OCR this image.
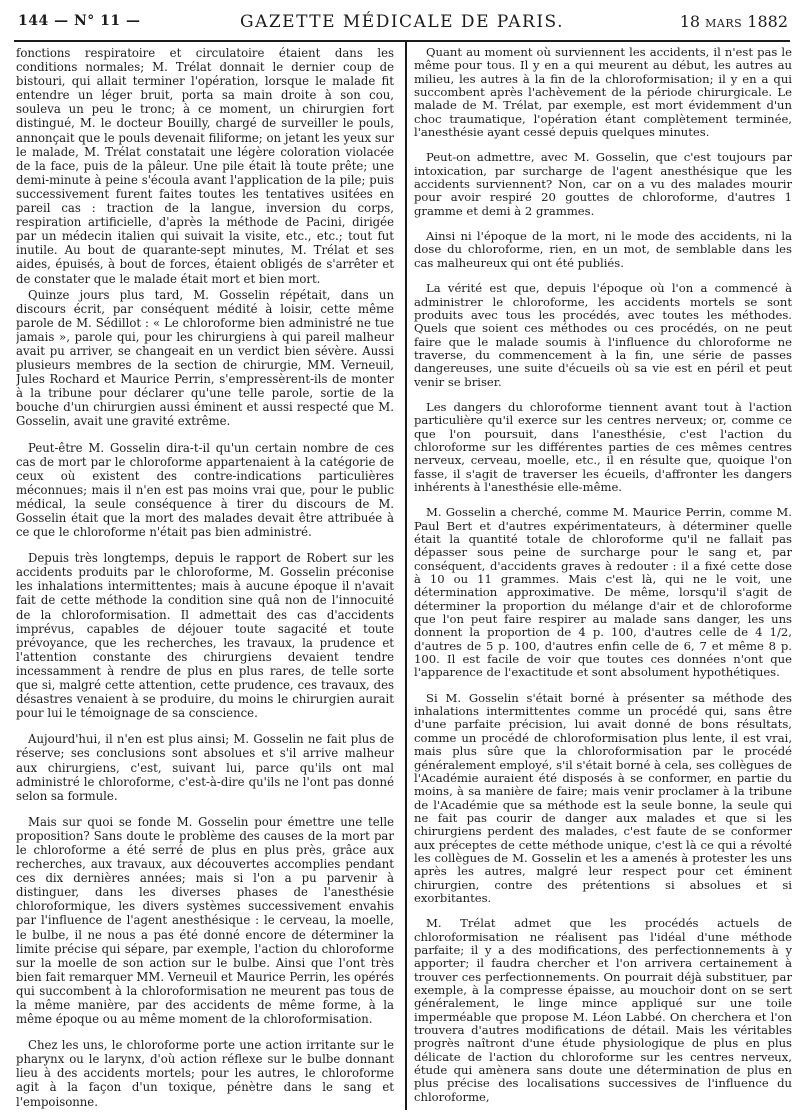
144 — N° 11 —	GAZETTE MÉDICALE DE PARIS.	18 MARS 1882

fonctions respiratoire et circulatoire étaient dans les conditions normales; M. Trélat donnait le dernier coup de bistouri, qui allait terminer l'opération, lorsque le malade fit entendre un léger bruit, porta sa main droite à son cou, souleva un peu le tronc; à ce moment, un chirurgien fort distingué, M. le docteur Bouilly, chargé de surveiller le pouls, annonçait que le pouls devenait filiforme; on jetant les yeux sur le malade, M. Trélat constatait une légère coloration violacée de la face, puis de la pâleur. Une pile était là toute prête; une demi-minute à peine s'écoula avant l'application de la pile; puis successivement furent faites toutes les tentatives usitées en pareil cas : traction de la langue, inversion du corps, respiration artificielle, d'après la méthode de Pacini, dirigée par un médecin italien qui suivait la visite, etc., etc.; tout fut inutile. Au bout de quarante-sept minutes, M. Trélat et ses aides, épuisés, à bout de forces, étaient obligés de s'arrêter et de constater que le malade était mort et bien mort.

Quinze jours plus tard, M. Gosselin répétait, dans un discours écrit, par conséquent médité à loisir, cette même parole de M. Sédillot : « Le chloroforme bien administré ne tue jamais », parole qui, pour les chirurgiens à qui pareil malheur avait pu arriver, se changeait en un verdict bien sévère. Aussi plusieurs membres de la section de chirurgie, MM. Verneuil, Jules Rochard et Maurice Perrin, s'empressèrent-ils de monter à la tribune pour déclarer qu'une telle parole, sortie de la bouche d'un chirurgien aussi éminent et aussi respecté que M. Gosselin, avait une gravité extrême.

Peut-être M. Gosselin dira-t-il qu'un certain nombre de ces cas de mort par le chloroforme appartenaient à la catégorie de ceux où existent des contre-indications particulières méconnues; mais il n'en est pas moins vrai que, pour le public médical, la seule conséquence à tirer du discours de M. Gosselin était que la mort des malades devait être attribuée à ce que le chloroforme n'était pas bien administré.

Depuis très longtemps, depuis le rapport de Robert sur les accidents produits par le chloroforme, M. Gosselin préconise les inhalations intermittentes; mais à aucune époque il n'avait fait de cette méthode la condition sine quâ non de l'innocuité de la chloroformisation. Il admettait des cas d'accidents imprévus, capables de déjouer toute sagacité et toute prévoyance, que les recherches, les travaux, la prudence et l'attention constante des chirurgiens devaient tendre incessamment à rendre de plus en plus rares, de telle sorte que si, malgré cette attention, cette prudence, ces travaux, des désastres venaient à se produire, du moins le chirurgien aurait pour lui le témoignage de sa conscience.

Aujourd'hui, il n'en est plus ainsi; M. Gosselin ne fait plus de réserve; ses conclusions sont absolues et s'il arrive malheur aux chirurgiens, c'est, suivant lui, parce qu'ils ont mal administré le chloroforme, c'est-à-dire qu'ils ne l'ont pas donné selon sa formule.

Mais sur quoi se fonde M. Gosselin pour émettre une telle proposition? Sans doute le problème des causes de la mort par le chloroforme a été serré de plus en plus près, grâce aux recherches, aux travaux, aux découvertes accomplies pendant ces dix dernières années; mais si l'on a pu parvenir à distinguer, dans les diverses phases de l'anesthésie chloroformique, les divers systèmes successivement envahis par l'influence de l'agent anesthésique : le cerveau, la moelle, le bulbe, il ne nous a pas été donné encore de déterminer la limite précise qui sépare, par exemple, l'action du chloroforme sur la moelle de son action sur le bulbe. Ainsi que l'ont très bien fait remarquer MM. Verneuil et Maurice Perrin, les opérés qui succombent à la chloroformisation ne meurent pas tous de la même manière, par des accidents de même forme, à la même époque ou au même moment de la chloroformisation.

Chez les uns, le chloroforme porte une action irritante sur le pharynx ou le larynx, d'où action réflexe sur le bulbe donnant lieu à des accidents mortels; pour les autres, le chloroforme agit à la façon d'un toxique, pénètre dans le sang et l'empoisonne.

Quant au moment où surviennent les accidents, il n'est pas le même pour tous. Il y en a qui meurent au début, les autres au milieu, les autres à la fin de la chloroformisation; il y en a qui succombent après l'achèvement de la période chirurgicale. Le malade de M. Trélat, par exemple, est mort évidemment d'un choc traumatique, l'opération étant complètement terminée, l'anesthésie ayant cessé depuis quelques minutes.

Peut-on admettre, avec M. Gosselin, que c'est toujours par intoxication, par surcharge de l'agent anesthésique que les accidents surviennent? Non, car on a vu des malades mourir pour avoir respiré 20 gouttes de chloroforme, d'autres 1 gramme et demi à 2 grammes.

Ainsi ni l'époque de la mort, ni le mode des accidents, ni la dose du chloroforme, rien, en un mot, de semblable dans les cas malheureux qui ont été publiés.

La vérité est que, depuis l'époque où l'on a commencé à administrer le chloroforme, les accidents mortels se sont produits avec tous les procédés, avec toutes les méthodes. Quels que soient ces méthodes ou ces procédés, on ne peut faire que le malade soumis à l'influence du chloroforme ne traverse, du commencement à la fin, une série de passes dangereuses, une suite d'écueils où sa vie est en péril et peut venir se briser.

Les dangers du chloroforme tiennent avant tout à l'action particulière qu'il exerce sur les centres nerveux; or, comme ce que l'on poursuit, dans l'anesthésie, c'est l'action du chloroforme sur les différentes parties de ces mêmes centres nerveux, cerveau, moelle, etc., il en résulte que, quoique l'on fasse, il s'agit de traverser les écueils, d'affronter les dangers inhérents à l'anesthésie elle-même.

M. Gosselin a cherché, comme M. Maurice Perrin, comme M. Paul Bert et d'autres expérimentateurs, à déterminer quelle était la quantité totale de chloroforme qu'il ne fallait pas dépasser sous peine de surcharge pour le sang et, par conséquent, d'accidents graves à redouter : il a fixé cette dose à 10 ou 11 grammes. Mais c'est là, qui ne le voit, une détermination approximative. De même, lorsqu'il s'agit de déterminer la proportion du mélange d'air et de chloroforme que l'on peut faire respirer au malade sans danger, les uns donnent la proportion de 4 p. 100, d'autres celle de 4 1/2, d'autres de 5 p. 100, d'autres enfin celle de 6, 7 et même 8 p. 100. Il est facile de voir que toutes ces données n'ont que l'apparence de l'exactitude et sont absolument hypothétiques.

Si M. Gosselin s'était borné à présenter sa méthode des inhalations intermittentes comme un procédé qui, sans être d'une parfaite précision, lui avait donné de bons résultats, comme un procédé de chloroformisation plus lente, il est vrai, mais plus sûre que la chloroformisation par le procédé généralement employé, s'il s'était borné à cela, ses collègues de l'Académie auraient été disposés à se conformer, en partie du moins, à sa manière de faire; mais venir proclamer à la tribune de l'Académie que sa méthode est la seule bonne, la seule qui ne fait pas courir de danger aux malades et que si les chirurgiens perdent des malades, c'est faute de se conformer aux préceptes de cette méthode unique, c'est là ce qui a révolté les collègues de M. Gosselin et les a amenés à protester les uns après les autres, malgré leur respect pour cet éminent chirurgien, contre des prétentions si absolues et si exorbitantes.

M. Trélat admet que les procédés actuels de chloroformisation ne réalisent pas l'idéal d'une méthode parfaite; il y a des modifications, des perfectionnements à y apporter; il faudra chercher et l'on arrivera certainement à trouver ces perfectionnements. On pourrait déjà substituer, par exemple, à la compresse épaisse, au mouchoir dont on se sert généralement, le linge mince appliqué sur une toile imperméable que propose M. Léon Labbé. On cherchera et l'on trouvera d'autres modifications de détail. Mais les véritables progrès naîtront d'une étude physiologique de plus en plus délicate de l'action du chloroforme sur les centres nerveux, étude qui amènera sans doute une détermination de plus en plus précise des localisations successives de l'influence du chloroforme,
